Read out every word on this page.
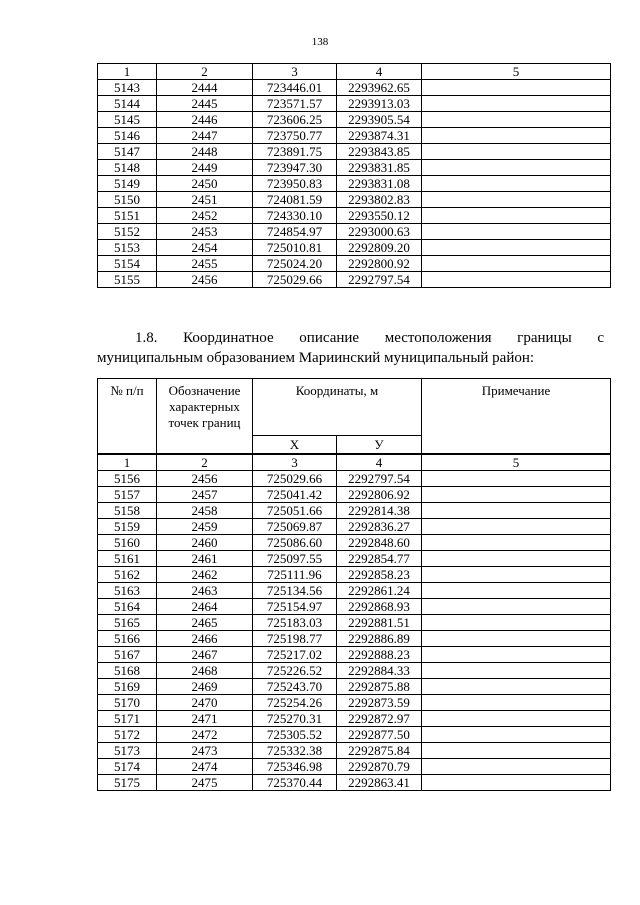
138
1	2	3	4	5
5143	2444	723446.01	2293962.65	
5144	2445	723571.57	2293913.03	
5145	2446	723606.25	2293905.54	
5146	2447	723750.77	2293874.31	
5147	2448	723891.75	2293843.85	
5148	2449	723947.30	2293831.85	
5149	2450	723950.83	2293831.08	
5150	2451	724081.59	2293802.83	
5151	2452	724330.10	2293550.12	
5152	2453	724854.97	2293000.63	
5153	2454	725010.81	2292809.20	
5154	2455	725024.20	2292800.92	
5155	2456	725029.66	2292797.54	
1.8. Координатное описание местоположения границы с
муниципальным образованием Мариинский муниципальный район:
№ п/п	Обозначение характерных точек границ	Координаты, м		Примечание
		X	У	
1	2	3	4	5
5156	2456	725029.66	2292797.54	
5157	2457	725041.42	2292806.92	
5158	2458	725051.66	2292814.38	
5159	2459	725069.87	2292836.27	
5160	2460	725086.60	2292848.60	
5161	2461	725097.55	2292854.77	
5162	2462	725111.96	2292858.23	
5163	2463	725134.56	2292861.24	
5164	2464	725154.97	2292868.93	
5165	2465	725183.03	2292881.51	
5166	2466	725198.77	2292886.89	
5167	2467	725217.02	2292888.23	
5168	2468	725226.52	2292884.33	
5169	2469	725243.70	2292875.88	
5170	2470	725254.26	2292873.59	
5171	2471	725270.31	2292872.97	
5172	2472	725305.52	2292877.50	
5173	2473	725332.38	2292875.84	
5174	2474	725346.98	2292870.79	
5175	2475	725370.44	2292863.41	
